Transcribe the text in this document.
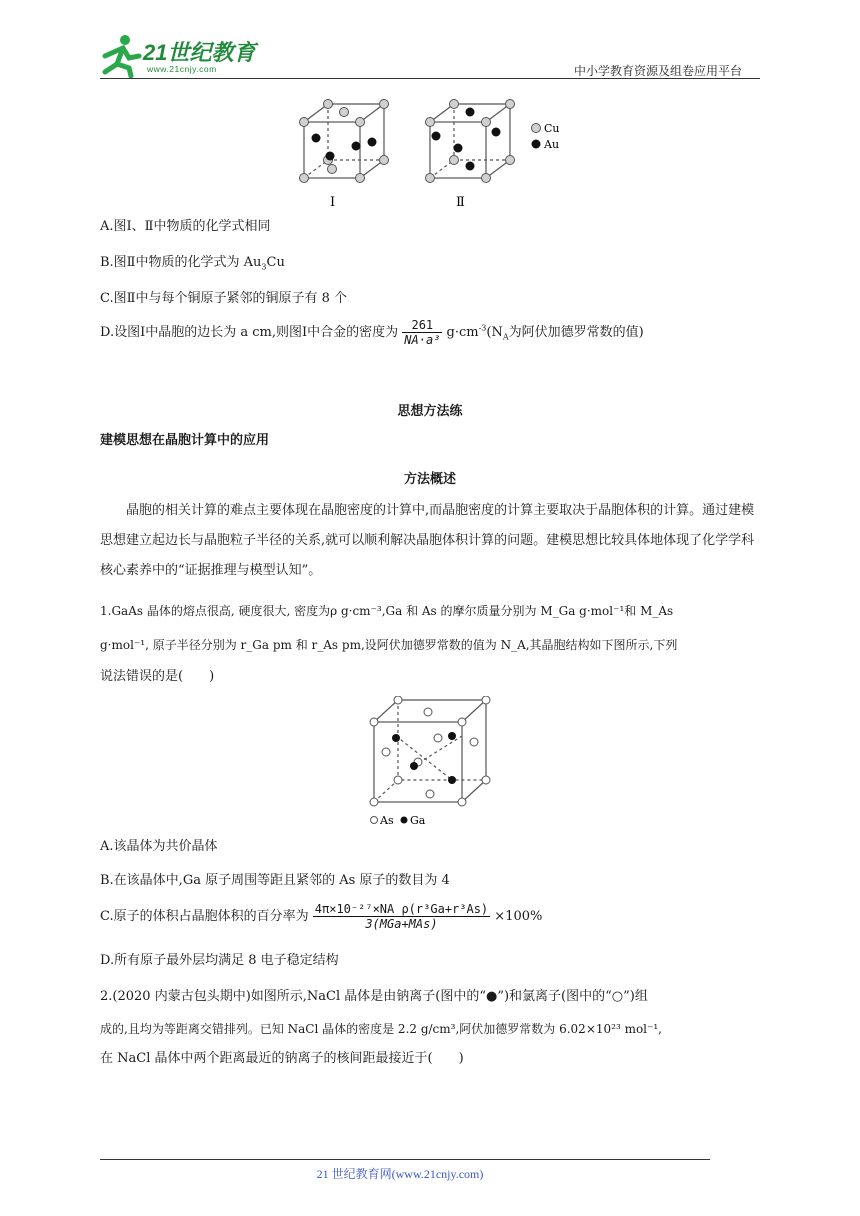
21世纪教育
www.21cnjy.com	中小学教育资源及组卷应用平台
Ⅰ	Ⅱ
Cu
Au
A.图Ⅰ、Ⅱ中物质的化学式相同
B.图Ⅱ中物质的化学式为 $Au_3Cu$
C.图Ⅱ中与每个铜原子紧邻的铜原子有 8 个
D.设图Ⅰ中晶胞的边长为 a cm,则图Ⅰ中合金的密度为 $\frac{261}{\text{NA·a³}} g\cdot cm^{-3}(N_A$为阿伏加德罗常数的值)
思想方法练
建模思想在晶胞计算中的应用
方法概述
晶胞的相关计算的难点主要体现在晶胞密度的计算中,而晶胞密度的计算主要取决于晶胞体积的计算。通过建模思想建立起边长与晶胞粒子半径的关系,就可以顺利解决晶胞体积计算的问题。建模思想比较具体地体现了化学学科核心素养中的“证据推理与模型认知”。
1.GaAs 晶体的熔点很高, 硬度很大, 密度为ρ g·cm⁻³,Ga 和 As 的摩尔质量分别为 M_Ga g·mol⁻¹和 M_As
g·mol⁻¹, 原子半径分别为 r_Ga pm 和 r_As pm,设阿伏加德罗常数的值为 N_A,其晶胞结构如下图所示,下列
说法错误的是(　　)
As Ga
A.该晶体为共价晶体
B.在该晶体中,Ga 原子周围等距且紧邻的 As 原子的数目为 4
C.原子的体积占晶胞体积的百分率为 $\frac{\text{4π×10⁻²⁷×NA ρ(r³Ga+r³As)}}{\text{3(MGa+MAs)}} \times 100\%$
D.所有原子最外层均满足 8 电子稳定结构
2.(2020 内蒙古包头期中)如图所示,NaCl 晶体是由钠离子(图中的“●”)和氯离子(图中的“○”)组
成的,且均为等距离交错排列。已知 NaCl 晶体的密度是 2.2 g/cm³,阿伏加德罗常数为 6.02×10²³ mol⁻¹,
在 NaCl 晶体中两个距离最近的钠离子的核间距最接近于(　　)
21 世纪教育网(www.21cnjy.com)
